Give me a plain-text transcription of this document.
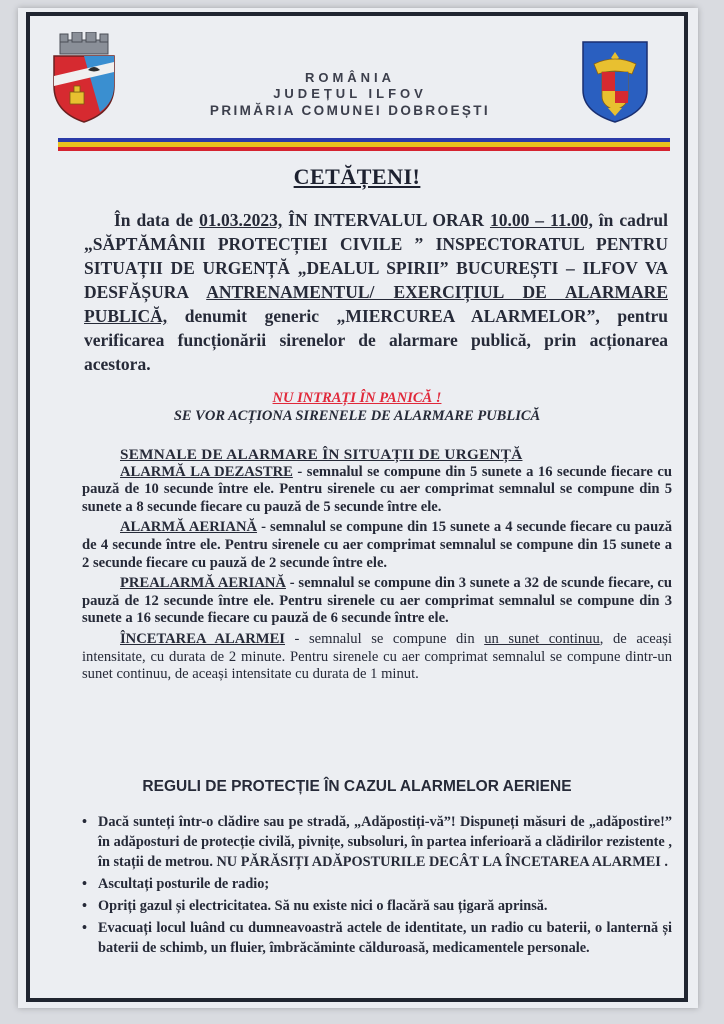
ROMÂNIA
JUDEȚUL ILFOV
PRIMĂRIA COMUNEI DOBROEȘTI
CETĂȚENI!
În data de 01.03.2023, ÎN INTERVALUL ORAR 10.00 – 11.00, în cadrul „SĂPTĂMÂNII PROTECȚIEI CIVILE ” INSPECTORATUL PENTRU SITUAȚII DE URGENȚĂ „DEALUL SPIRII” BUCUREȘTI – ILFOV VA DESFĂȘURA ANTRENAMENTUL/ EXERCIȚIUL DE ALARMARE PUBLICĂ, denumit generic „MIERCUREA ALARMELOR”, pentru verificarea funcționării sirenelor de alarmare publică, prin acționarea acestora.
NU INTRAȚI ÎN PANICĂ !
SE VOR ACȚIONA SIRENELE DE ALARMARE PUBLICĂ

SEMNALE DE ALARMARE ÎN SITUAȚII DE URGENȚĂ

ALARMĂ LA DEZASTRE - semnalul se compune din 5 sunete a 16 secunde fiecare cu pauză de 10 secunde între ele. Pentru sirenele cu aer comprimat semnalul se compune din 5 sunete a 8 secunde fiecare cu pauză de 5 secunde între ele.

ALARMĂ AERIANĂ - semnalul se compune din 15 sunete a 4 secunde fiecare cu pauză de 4 secunde între ele. Pentru sirenele cu aer comprimat semnalul se compune din 15 sunete a 2 secunde fiecare cu pauză de 2 secunde între ele.

PREALARMĂ AERIANĂ - semnalul se compune din 3 sunete a 32 de scunde fiecare, cu pauză de 12 secunde între ele. Pentru sirenele cu aer comprimat semnalul se compune din 3 sunete a 16 secunde fiecare cu pauză de 6 secunde între ele.

ÎNCETAREA ALARMEI - semnalul se compune din un sunet continuu, de aceași intensitate, cu durata de 2 minute. Pentru sirenele cu aer comprimat semnalul se compune dintr-un sunet continuu, de aceași intensitate cu durata de 1 minut.

REGULI DE PROTECȚIE ÎN CAZUL ALARMELOR AERIENE
• Dacă sunteți într-o clădire sau pe stradă, „Adăpostiți-vă”! Dispuneți măsuri de „adăpostire!” în adăposturi de protecție civilă, pivnițe, subsoluri, în partea inferioară a clădirilor rezistente , în stații de metrou. NU PĂRĂSIȚI ADĂPOSTURILE DECÂT LA ÎNCETAREA ALARMEI .
• Ascultați posturile de radio;
• Opriți gazul și electricitatea. Să nu existe nici o flacără sau țigară aprinsă.
• Evacuați locul luând cu dumneavoastră actele de identitate, un radio cu baterii, o lanternă și baterii de schimb, un fluier, îmbrăcăminte călduroasă, medicamentele personale.
